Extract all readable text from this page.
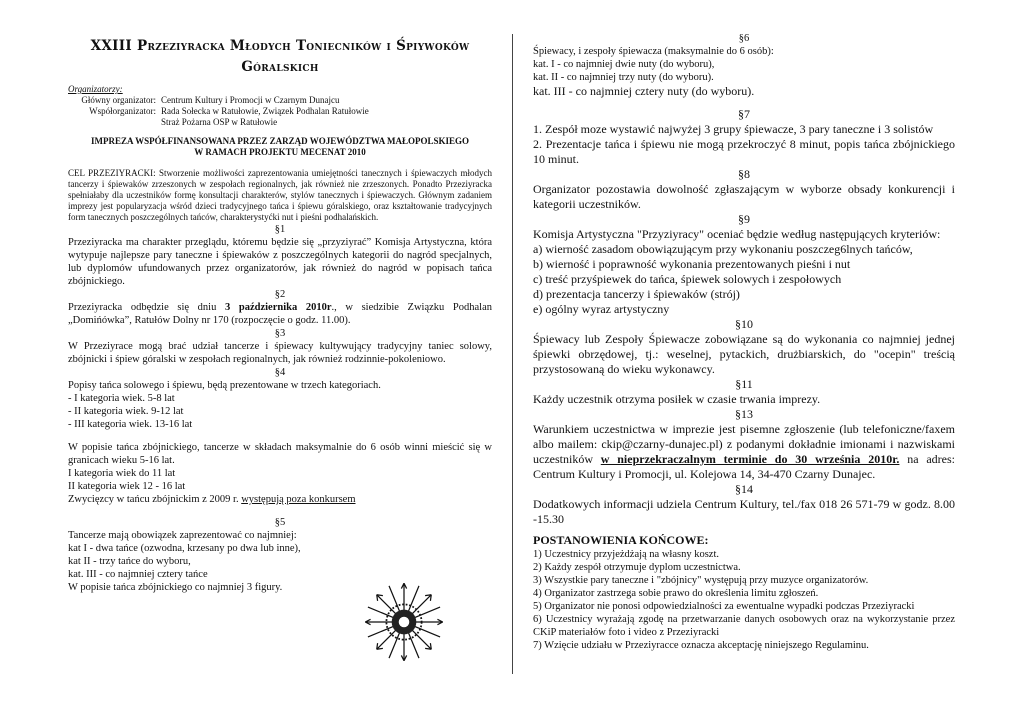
XXIII Przeziyracka Młodych Toniecników i Śpiywoków
Góralskich
Organizatorzy:
Główny organizator: Centrum Kultury i Promocji w Czarnym Dunajcu
Współorganizator: Rada Sołecka w Ratułowie, Związek Podhalan Ratułowie
Straż Pożarna OSP w Ratułowie
IMPREZA WSPÓŁFINANSOWANA PRZEZ ZARZĄD WOJEWÓDZTWA MAŁOPOLSKIEGO
W RAMACH PROJEKTU MECENAT 2010
CEL PRZEZIYRACKI: Stworzenie możliwości zaprezentowania umiejętności tanecznych i śpiewaczych młodych tancerzy i śpiewaków zrzeszonych w zespołach regionalnych, jak również nie zrzeszonych. Ponadto Przeziyracka spełniałaby dla uczestników formę konsultacji charakterów, stylów tanecznych i śpiewaczych. Głównym zadaniem imprezy jest popularyzacja wśród dzieci tradycyjnego tańca i śpiewu góralskiego, oraz kształtowanie tradycyjnych form tanecznych poszczególnych tańców, charakterystyćki nut i pieśni podhalańskich.
§1
Przeziyracka ma charakter przeglądu, któremu będzie się „przyziyrać” Komisja Artystyczna, która wytypuje najlepsze pary taneczne i śpiewaków z poszczególnych kategorii do nagród specjalnych, lub dyplomów ufundowanych przez organizatorów, jak również do nagród w popisach tańca zbójnickiego.
§2
Przeziyracka odbędzie się dniu 3 października 2010r., w siedzibie Związku Podhalan „Domińówka”, Ratułów Dolny nr 170 (rozpoczęcie o godz. 11.00).
§3
W Przeziyrace mogą brać udział tancerze i śpiewacy kultywujący tradycyjny taniec solowy, zbójnicki i śpiew góralski w zespołach regionalnych, jak również rodzinnie-pokoleniowo.
§4
Popisy tańca solowego i śpiewu, będą prezentowane w trzech kategoriach.
- I kategoria wiek. 5-8 lat
- II kategoria wiek. 9-12 lat
- III kategoria wiek. 13-16 lat
W popisie tańca zbójnickiego, tancerze w składach maksymalnie do 6 osób winni mieścić się w granicach wieku 5-16 lat.
I kategoria wiek do 11 lat
II kategoria wiek 12 - 16 lat
Zwycięzcy w tańcu zbójnickim z 2009 r. występują poza konkursem
§5
Tancerze mają obowiązek zaprezentować co najmniej:
kat I - dwa tańce (ozwodna, krzesany po dwa lub inne),
kat II - trzy tańce do wyboru,
kat. III - co najmniej cztery tańce
W popisie tańca zbójnickiego co najmniej 3 figury.
§6
Śpiewacy, i zespoły śpiewacza (maksymalnie do 6 osób):
kat. I - co najmniej dwie nuty (do wyboru),
kat. II - co najmniej trzy nuty (do wyboru).
kat. III - co najmniej cztery nuty (do wyboru).
§7
1. Zespół moze wystawić najwyżej 3 grupy śpiewacze, 3 pary taneczne i 3 solistów
2. Prezentacje tańca i śpiewu nie mogą przekroczyć 8 minut, popis tańca zbójnickiego 10 minut.
§8
Organizator pozostawia dowolność zgłaszającym w wyborze obsady konkurencji i kategorii uczestników.
§9
Komisja Artystyczna "Przyziyracy" oceniać będzie według następujących kryteriów:
a) wierność zasadom obowiązującym przy wykonaniu poszczeg6lnych tańców,
b) wierność i poprawność wykonania prezentowanych pieśni i nut
c) treść przyśpiewek do tańca, śpiewek solowych i zespołowych
d) prezentacja tancerzy i śpiewaków (strój)
e) ogólny wyraz artystyczny
§10
Śpiewacy lub Zespoły Śpiewacze zobowiązane są do wykonania co najmniej jednej śpiewki obrzędowej, tj.: weselnej, pytackich, drużbiarskich, do "ocepin" treścią przystosowaną do wieku wykonawcy.
§11
Każdy uczestnik otrzyma posiłek w czasie trwania imprezy.
§13
Warunkiem uczestnictwa w imprezie jest pisemne zgłoszenie (lub telefoniczne/faxem albo mailem: ckip@czarny-dunajec.pl) z podanymi dokładnie imionami i nazwiskami uczestników w nieprzekraczalnym terminie do 30 września 2010r. na adres: Centrum Kultury i Promocji, ul. Kolejowa 14, 34-470 Czarny Dunajec.
§14
Dodatkowych informacji udziela Centrum Kultury, tel./fax 018 26 571-79 w godz. 8.00 -15.30
POSTANOWIENIA KOŃCOWE:
1) Uczestnicy przyjeżdżają na własny koszt.
2) Każdy zespół otrzymuje dyplom uczestnictwa.
3) Wszystkie pary taneczne i "zbójnicy" występują przy muzyce organizatorów.
4) Organizator zastrzega sobie prawo do określenia limitu zgłoszeń.
5) Organizator nie ponosi odpowiedzialności za ewentualne wypadki podczas Przeziyracki
6) Uczestnicy wyrażają zgodę na przetwarzanie danych osobowych oraz na wykorzystanie przez CKiP materiałów foto i video z Przeziyracki
7) Wzięcie udziału w Przeziyracce oznacza akceptację niniejszego Regulaminu.
